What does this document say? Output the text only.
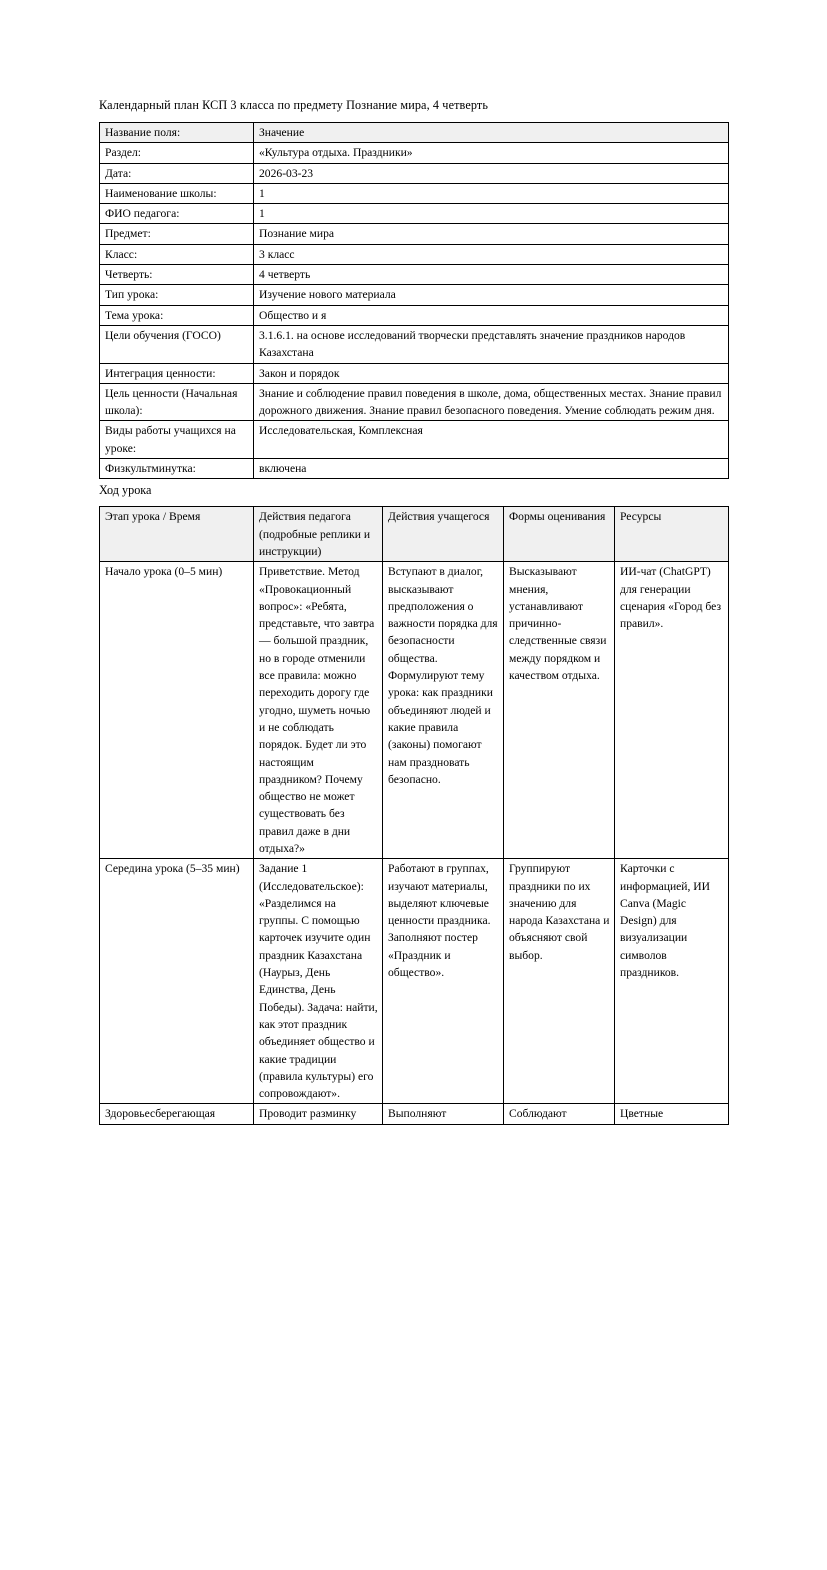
Календарный план КСП 3 класса по предмету Познание мира, 4 четверть

Название поля:	Значение
Раздел:	«Культура отдыха. Праздники»
Дата:	2026-03-23
Наименование школы:	1
ФИО педагога:	1
Предмет:	Познание мира
Класс:	3 класс
Четверть:	4 четверть
Тип урока:	Изучение нового материала
Тема урока:	Общество и я
Цели обучения (ГОСО)	3.1.6.1. на основе исследований творчески представлять значение праздников народов Казахстана
Интеграция ценности:	Закон и порядок
Цель ценности (Начальная школа):	Знание и соблюдение правил поведения в школе, дома, общественных местах. Знание правил дорожного движения. Знание правил безопасного поведения. Умение соблюдать режим дня.
Виды работы учащихся на уроке:	Исследовательская, Комплексная
Физкультминутка:	включена

Ход урока

Этап урока / Время	Действия педагога (подробные реплики и инструкции)	Действия учащегося	Формы оценивания	Ресурсы
Начало урока (0–5 мин)	Приветствие. Метод «Провокационный вопрос»: «Ребята, представьте, что завтра — большой праздник, но в городе отменили все правила: можно переходить дорогу где угодно, шуметь ночью и не соблюдать порядок. Будет ли это настоящим праздником? Почему общество не может существовать без правил даже в дни отдыха?»	Вступают в диалог, высказывают предположения о важности порядка для безопасности общества. Формулируют тему урока: как праздники объединяют людей и какие правила (законы) помогают нам праздновать безопасно.	Высказывают мнения, устанавливают причинно-следственные связи между порядком и качеством отдыха.	ИИ-чат (ChatGPT) для генерации сценария «Город без правил».
Середина урока (5–35 мин)	Задание 1 (Исследовательское): «Разделимся на группы. С помощью карточек изучите один праздник Казахстана (Наурыз, День Единства, День Победы). Задача: найти, как этот праздник объединяет общество и какие традиции (правила культуры) его сопровождают».	Работают в группах, изучают материалы, выделяют ключевые ценности праздника. Заполняют постер «Праздник и общество».	Группируют праздники по их значению для народа Казахстана и объясняют свой выбор.	Карточки с информацией, ИИ Canva (Magic Design) для визуализации символов праздников.
Здоровьесберегающая	Проводит разминку	Выполняют	Соблюдают	Цветные
